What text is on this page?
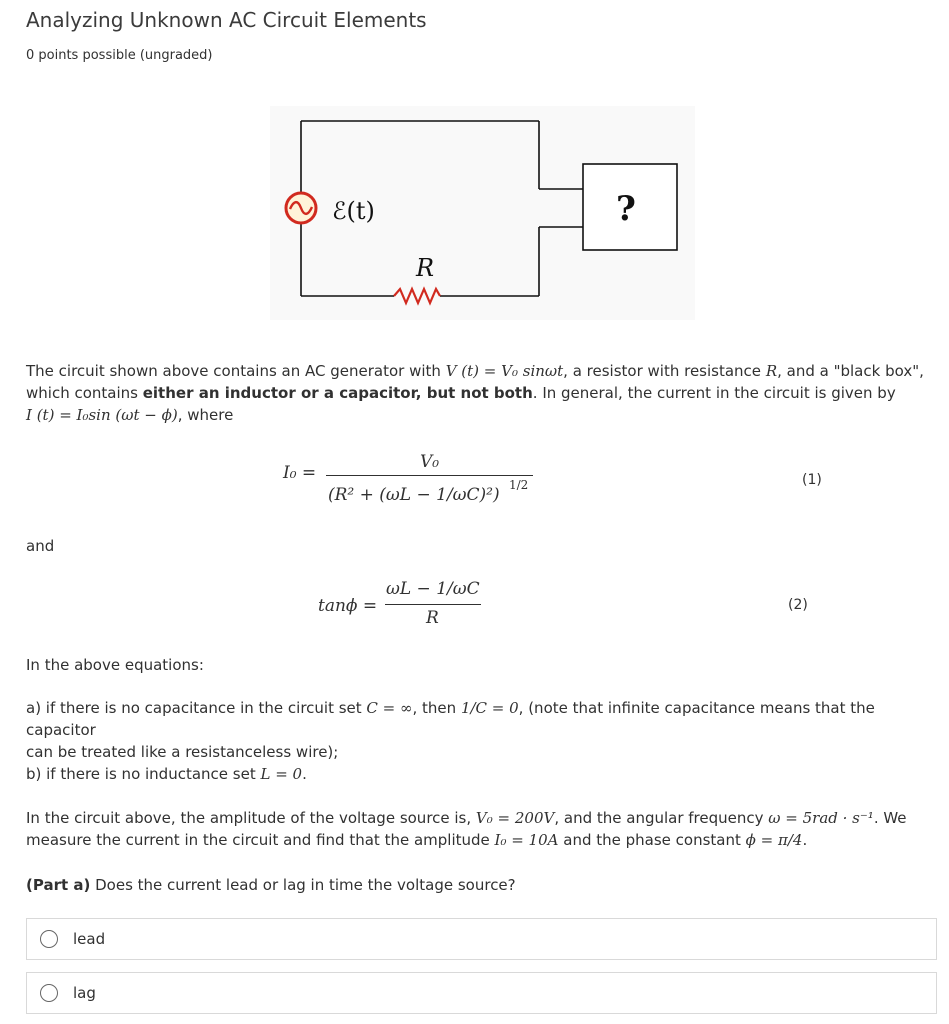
Analyzing Unknown AC Circuit Elements
0 points possible (ungraded)
ℰ(t)
R
?
The circuit shown above contains an AC generator with V (t) = V₀ sinωt, a resistor with resistance R, and a "black box",
which contains either an inductor or a capacitor, but not both. In general, the current in the circuit is given by
I (t) = I₀sin (ωt − ϕ), where
I₀ =
V₀
(R² + (ωL − 1/ωC)²) 1/2	(1)
and
tanϕ =
ωL − 1/ωC
R
(2)
In the above equations:
a) if there is no capacitance in the circuit set C = ∞, then 1/C = 0, (note that infinite capacitance means that the capacitor
can be treated like a resistanceless wire);
b) if there is no inductance set L = 0.
In the circuit above, the amplitude of the voltage source is, V₀ = 200V, and the angular frequency ω = 5rad · s⁻¹. We
measure the current in the circuit and find that the amplitude I₀ = 10A and the phase constant ϕ = π/4.
(Part a) Does the current lead or lag in time the voltage source?
lead
lag
